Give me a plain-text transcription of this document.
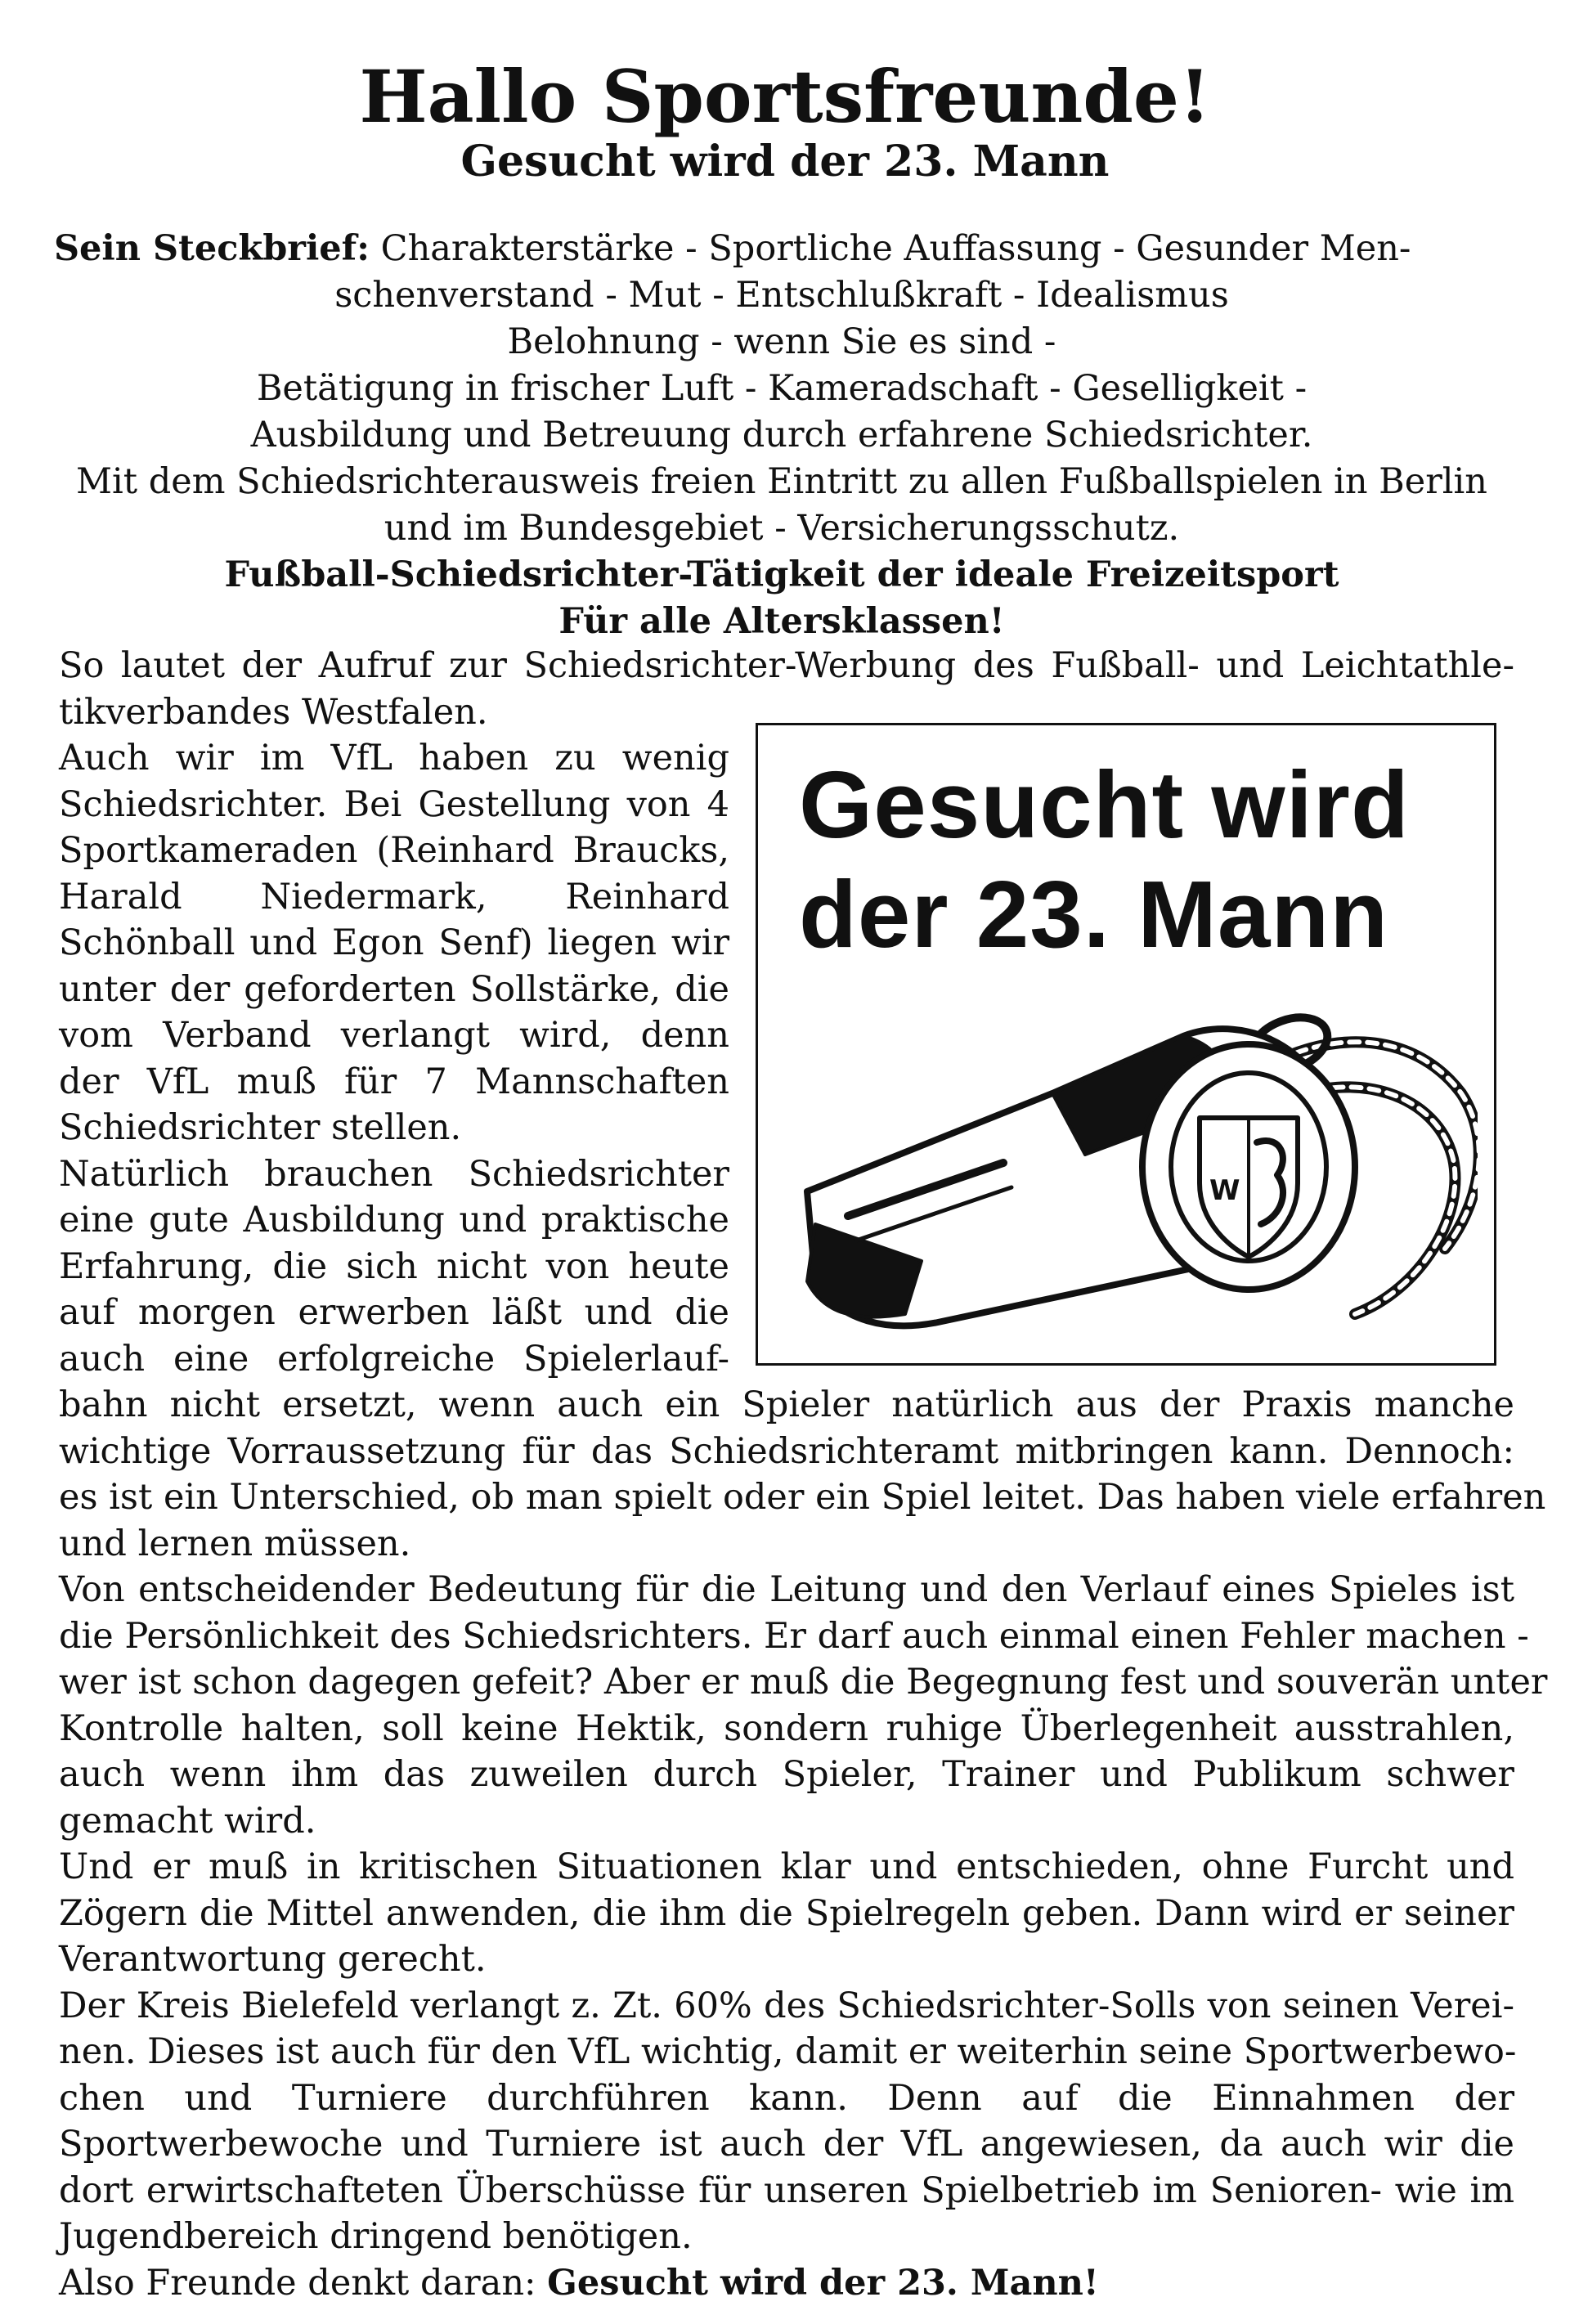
Hallo Sportsfreunde!
Gesucht wird der 23. Mann
Sein Steckbrief: Charakterstärke - Sportliche Auffassung - Gesunder Men-
schenverstand - Mut - Entschlußkraft - Idealismus
Belohnung - wenn Sie es sind -
Betätigung in frischer Luft - Kameradschaft - Geselligkeit -
Ausbildung und Betreuung durch erfahrene Schiedsrichter.
Mit dem Schiedsrichterausweis freien Eintritt zu allen Fußballspielen in Berlin
und im Bundesgebiet - Versicherungsschutz.
Fußball-Schiedsrichter-Tätigkeit der ideale Freizeitsport
Für alle Altersklassen!
So lautet der Aufruf zur Schiedsrichter-Werbung des Fußball- und Leichtathle-
tikverbandes Westfalen.
Auch wir im VfL haben zu wenig
Schiedsrichter. Bei Gestellung von 4
Sportkameraden (Reinhard Braucks,
Harald Niedermark, Reinhard
Schönball und Egon Senf) liegen wir
unter der geforderten Sollstärke, die
vom Verband verlangt wird, denn
der VfL muß für 7 Mannschaften
Schiedsrichter stellen.
Natürlich brauchen Schiedsrichter
eine gute Ausbildung und praktische
Erfahrung, die sich nicht von heute
auf morgen erwerben läßt und die
auch eine erfolgreiche Spielerlauf-
bahn nicht ersetzt, wenn auch ein Spieler natürlich aus der Praxis manche
wichtige Vorraussetzung für das Schiedsrichteramt mitbringen kann. Dennoch:
es ist ein Unterschied, ob man spielt oder ein Spiel leitet. Das haben viele erfahren
und lernen müssen.
Von entscheidender Bedeutung für die Leitung und den Verlauf eines Spieles ist
die Persönlichkeit des Schiedsrichters. Er darf auch einmal einen Fehler machen -
wer ist schon dagegen gefeit? Aber er muß die Begegnung fest und souverän unter
Kontrolle halten, soll keine Hektik, sondern ruhige Überlegenheit ausstrahlen,
auch wenn ihm das zuweilen durch Spieler, Trainer und Publikum schwer
gemacht wird.
Und er muß in kritischen Situationen klar und entschieden, ohne Furcht und
Zögern die Mittel anwenden, die ihm die Spielregeln geben. Dann wird er seiner
Verantwortung gerecht.
Der Kreis Bielefeld verlangt z. Zt. 60% des Schiedsrichter-Solls von seinen Verei-
nen. Dieses ist auch für den VfL wichtig, damit er weiterhin seine Sportwerbewo-
chen und Turniere durchführen kann. Denn auf die Einnahmen der
Sportwerbewoche und Turniere ist auch der VfL angewiesen, da auch wir die
dort erwirtschafteten Überschüsse für unseren Spielbetrieb im Senioren- wie im
Jugendbereich dringend benötigen.
Also Freunde denkt daran: Gesucht wird der 23. Mann!
Gesucht wird
der 23. Mann
W
